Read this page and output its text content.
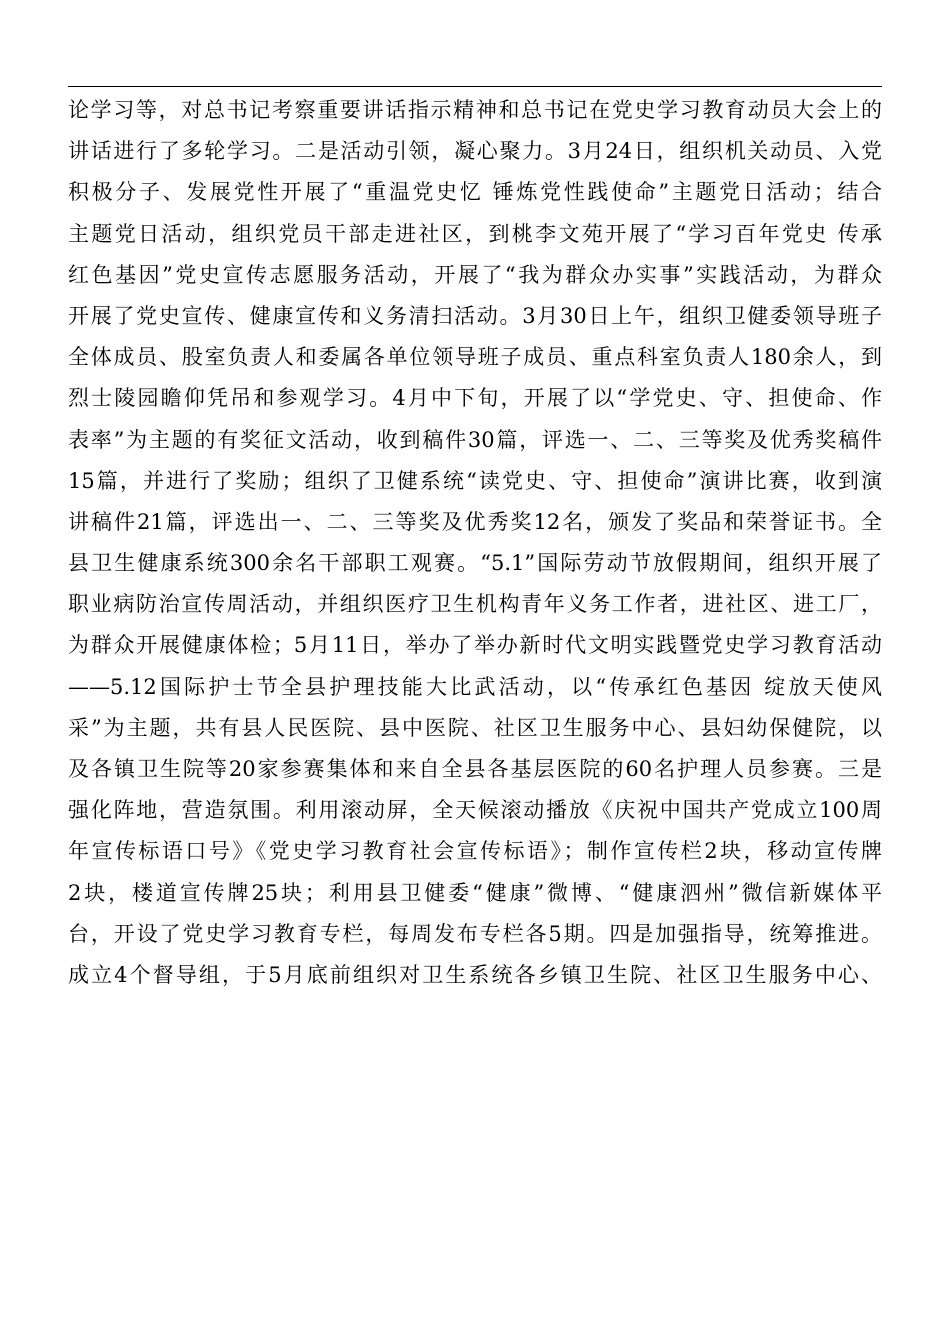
论学习等，对总书记考察重要讲话指示精神和总书记在党史学习教育动员大会上的
讲话进行了多轮学习。二是活动引领，凝心聚力。3月24日，组织机关动员、入党
积极分子、发展党性开展了“重温党史忆 锤炼党性践使命”主题党日活动；结合
主题党日活动，组织党员干部走进社区，到桃李文苑开展了“学习百年党史 传承
红色基因”党史宣传志愿服务活动，开展了“我为群众办实事”实践活动，为群众
开展了党史宣传、健康宣传和义务清扫活动。3月30日上午，组织卫健委领导班子
全体成员、股室负责人和委属各单位领导班子成员、重点科室负责人180余人，到
烈士陵园瞻仰凭吊和参观学习。4月中下旬，开展了以“学党史、守、担使命、作
表率”为主题的有奖征文活动，收到稿件30篇，评选一、二、三等奖及优秀奖稿件
15篇，并进行了奖励；组织了卫健系统“读党史、守、担使命”演讲比赛，收到演
讲稿件21篇，评选出一、二、三等奖及优秀奖12名，颁发了奖品和荣誉证书。全
县卫生健康系统300余名干部职工观赛。“5.1”国际劳动节放假期间，组织开展了
职业病防治宣传周活动，并组织医疗卫生机构青年义务工作者，进社区、进工厂，
为群众开展健康体检；5月11日，举办了举办新时代文明实践暨党史学习教育活动
——5.12国际护士节全县护理技能大比武活动，以“传承红色基因 绽放天使风
采”为主题，共有县人民医院、县中医院、社区卫生服务中心、县妇幼保健院，以
及各镇卫生院等20家参赛集体和来自全县各基层医院的60名护理人员参赛。三是
强化阵地，营造氛围。利用滚动屏，全天候滚动播放《庆祝中国共产党成立100周
年宣传标语口号》《党史学习教育社会宣传标语》；制作宣传栏2块，移动宣传牌
2块，楼道宣传牌25块；利用县卫健委“健康”微博、“健康泗州”微信新媒体平
台，开设了党史学习教育专栏，每周发布专栏各5期。四是加强指导，统筹推进。
成立4个督导组，于5月底前组织对卫生系统各乡镇卫生院、社区卫生服务中心、
